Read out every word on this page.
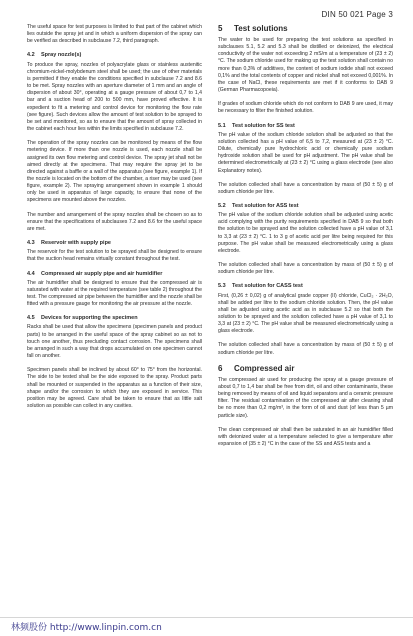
DIN 50 021 Page 3

The useful space for test purposes is limited to that part of the cabinet which lies outside the spray jet and in which a uniform dispersion of the spray can be verified as described in subclause 7.2, third paragraph.

4.2 Spray nozzle(s)

To produce the spray, nozzles of polyacrylate glass or stainless austenitic chromium-nickel-molybdenum steel shall be used; the use of other materials is permitted if they enable the conditions specified in subclause 7.2 and 8.6 to be met. Spray nozzles with an aperture diameter of 1 mm and an angle of dispersion of about 30°, operating at a gauge pressure of about 0,7 to 1,4 bar and a suction head of 200 to 500 mm, have proved effective. It is expedient to fit a metering and control device for monitoring the flow rate (see figure). Such devices allow the amount of test solution to be sprayed to be set and monitored, so as to ensure that the amount of spray collected in the cabinet each hour lies within the limits specified in subclause 7.2.

The operation of the spray nozzles can be monitored by means of the flow metering device. If more than one nozzle is used, each nozzle shall be assigned its own flow metering and control device. The spray jet shall not be aimed directly at the specimens. That may require the spray jet to be directed against a baffle or a wall of the apparatus (see figure, example 1). If the nozzle is located on the bottom of the chamber, a riser may be used (see figure, example 2). The spraying arrangement shown in example 1 should only be used in apparatus of large capacity, to ensure that none of the specimens are mounted above the nozzles.

The number and arrangement of the spray nozzles shall be chosen so as to ensure that the specifications of subclauses 7.2 and 8.6 for the useful space are met.

4.3 Reservoir with supply pipe

The reservoir for the test solution to be sprayed shall be designed to ensure that the suction head remains virtually constant throughout the test.

4.4 Compressed air supply pipe and air humidifier

The air humidifier shall be designed to ensure that the compressed air is saturated with water at the required temperature (see table 2) throughout the test. The compressed air pipe between the humidifier and the nozzle shall be fitted with a pressure gauge for monitoring the air pressure at the nozzle.

4.5 Devices for supporting the specimen

Racks shall be used that allow the specimens (specimen panels and product parts) to be arranged in the useful space of the spray cabinet so as not to touch one another, thus precluding contact corrosion. The specimens shall be arranged in such a way that drops accumulated on one specimen cannot fall on another.

Specimen panels shall be inclined by about 60° to 75° from the horizontal. The side to be tested shall be the side exposed to the spray. Product parts shall be mounted or suspended in the apparatus as a function of their size, shape and/or the corrosion to which they are exposed in service. This position may be agreed. Care shall be taken to ensure that as little salt solution as possible can collect in any cavities.

5 Test solutions

The water to be used for preparing the test solutions as specified in subclauses 5.1, 5.2 and 5.3 shall be distilled or deionized, the electrical conductivity of the water not exceeding 2 mS/m at a temperature of (23 ± 2) °C. The sodium chloride used for making up the test solution shall contain no more than 0,3% of additives, the content of sodium iodide shall not exceed 0,1% and the total contents of copper and nickel shall not exceed 0,001%. In the case of NaCl, these requirements are met if it conforms to DAB 9 (German Pharmacopoeia).

If grades of sodium chloride which do not conform to DAB 9 are used, it may be necessary to filter the finished solution.

5.1 Test solution for SS test

The pH value of the sodium chloride solution shall be adjusted so that the solution collected has a pH value of 6,5 to 7,2, measured at (23 ± 2) °C. Dilute, chemically pure hydrochloric acid or chemically pure sodium hydroxide solution shall be used for pH adjustment. The pH value shall be determined electrometrically at (23 ± 2) °C using a glass electrode (see also Explanatory notes).

The solution collected shall have a concentration by mass of (50 ± 5) g of sodium chloride per litre.

5.2 Test solution for ASS test

The pH value of the sodium chloride solution shall be adjusted using acetic acid complying with the purity requirements specified in DAB 9 so that both the solution to be sprayed and the solution collected have a pH value of 3,1 to 3,3 at (23 ± 2) °C. 1 to 3 g of acetic acid per litre being required for this purpose. The pH value shall be measured electrometrically using a glass electrode.

The solution collected shall have a concentration by mass of (50 ± 5) g of sodium chloride per litre.

5.3 Test solution for CASS test

First, (0,26 ± 0,02) g of analytical grade copper (II) chloride, CuCl₂ · 2H₂O, shall be added per litre to the sodium chloride solution. Then, the pH value shall be adjusted using acetic acid as in subclause 5.2 so that both the solution to be sprayed and the solution collected have a pH value of 3,1 to 3,3 at (23 ± 2) °C. The pH value shall be measured electrometrically using a glass electrode.

The solution collected shall have a concentration by mass of (50 ± 5) g of sodium chloride per litre.

6 Compressed air

The compressed air used for producing the spray at a gauge pressure of about 0,7 to 1,4 bar shall be free from dirt, oil and other contaminants, these being removed by means of oil and liquid separators and a ceramic pressure filter. The residual contamination of the compressed air after cleaning shall be no more than 0,2 mg/m³, in the form of oil and dust (of less than 5 µm particle size).

The clean compressed air shall then be saturated in an air humidifier filled with deionized water at a temperature selected to give a temperature after expansion of (35 ± 2) °C in the case of the SS and ASS tests and a

林频股份 http://www.linpin.com.cn
